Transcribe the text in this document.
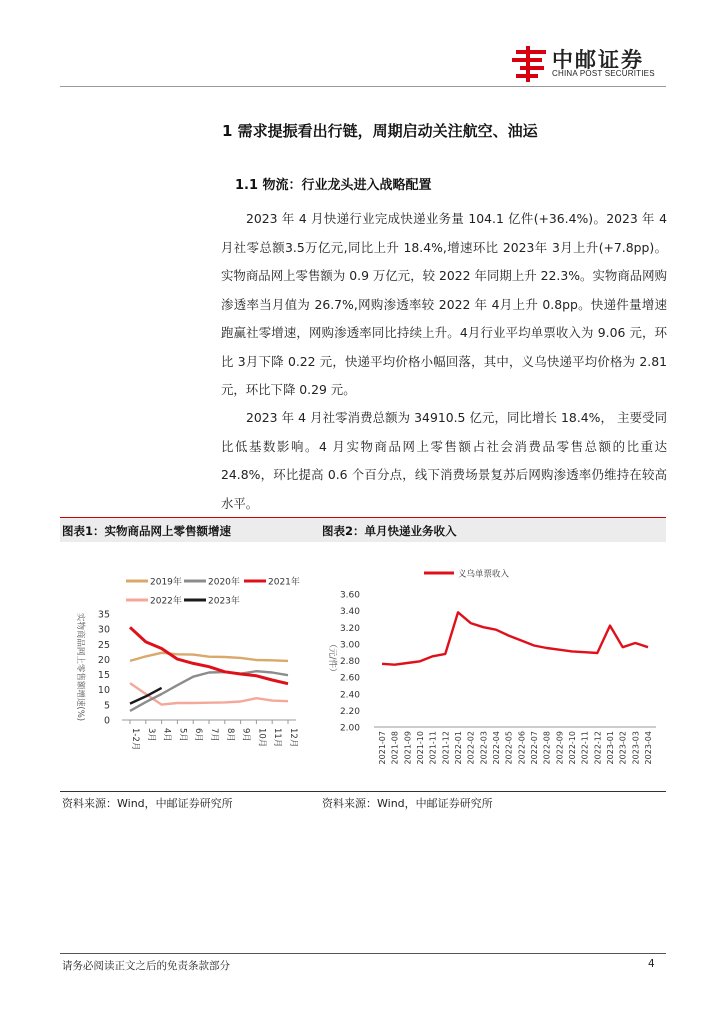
中邮证券
CHINA POST SECURITIES
1 需求提振看出行链，周期启动关注航空、油运
1.1 物流：行业龙头进入战略配置

2023 年 4 月快递行业完成快递业务量 104.1 亿件(+36.4%)。2023 年 4 月社零总额3.5万亿元,同比上升 18.4%,增速环比 2023年 3月上升(+7.8pp)。实物商品网上零售额为 0.9 万亿元，较 2022 年同期上升 22.3%。实物商品网购渗透率当月值为 26.7%,网购渗透率较 2022 年 4月上升 0.8pp。快递件量增速跑赢社零增速，网购渗透率同比持续上升。4月行业平均单票收入为 9.06 元，环比 3月下降 0.22 元，快递平均价格小幅回落，其中，义乌快递平均价格为 2.81 元，环比下降 0.29 元。

2023 年 4 月社零消费总额为 34910.5 亿元，同比增长 18.4%， 主要受同比低基数影响。4 月实物商品网上零售额占社会消费品零售总额的比重达 24.8%，环比提高 0.6 个百分点，线下消费场景复苏后网购渗透率仍维持在较高水平。

图表1：实物商品网上零售额增速	图表2：单月快递业务收入
2019年	2020年	2021年
2022年	2023年
实物商品网上零售额增速(%) 0
5
10
15
20
25
30
35
1-2月 3月 4月 5月 6月 7月 8月 9月 10月 11月 12月
义乌单票收入
（元/件）
2.00
2.20
2.40
2.60
2.80
3.00
3.20
3.40
3.60
2021-07 2021-08 2021-09 2021-10 2021-11 2021-12 2022-01 2022-02 2022-03 2022-04 2022-05 2022-06 2022-07 2022-08 2022-09 2022-10 2022-11 2022-12 2023-01 2023-02 2023-03 2023-04
资料来源：Wind，中邮证券研究所	资料来源：Wind，中邮证券研究所
请务必阅读正文之后的免责条款部分	4
